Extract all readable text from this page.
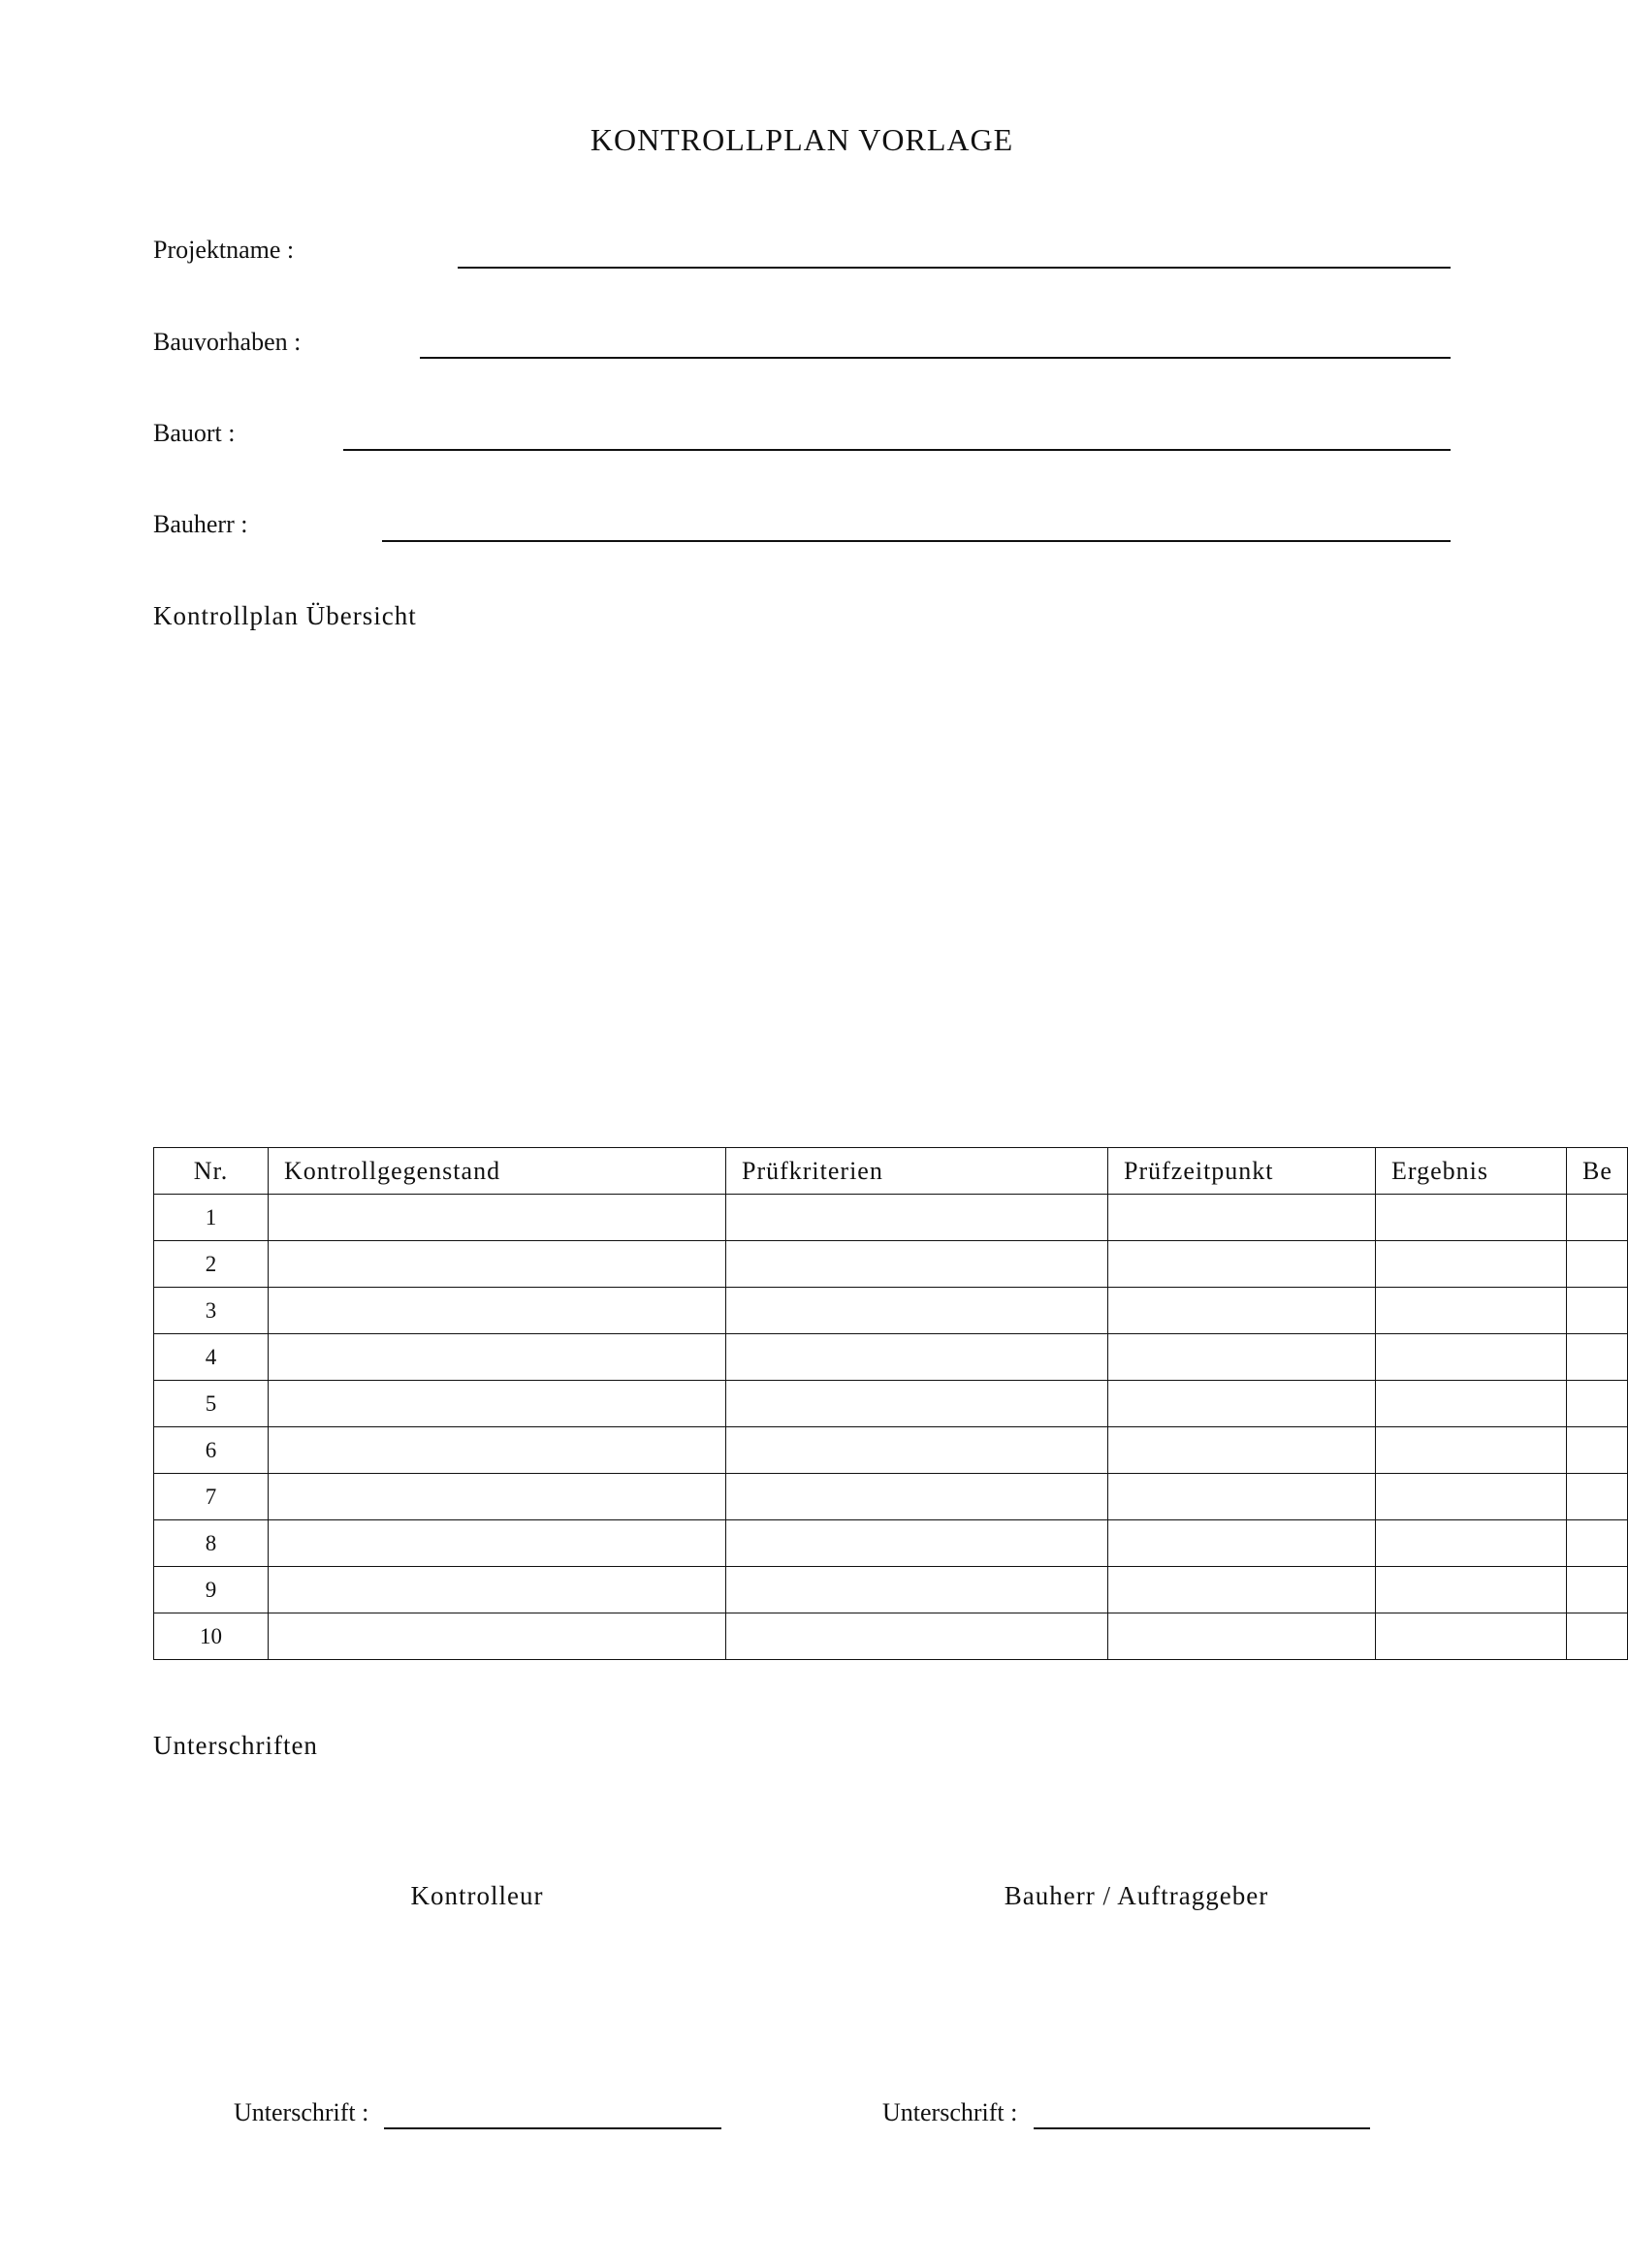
KONTROLLPLAN VORLAGE
Projektname :
Bauvorhaben :
Bauort :
Bauherr :
Kontrollplan Übersicht
Nr.	Kontrollgegenstand	Prüfkriterien	Prüfzeitpunkt	Ergebnis	Be
1					
2					
3					
4					
5					
6					
7					
8					
9					
10					
Unterschriften
Kontrolleur	Bauherr / Auftraggeber
Unterschrift :	Unterschrift :
